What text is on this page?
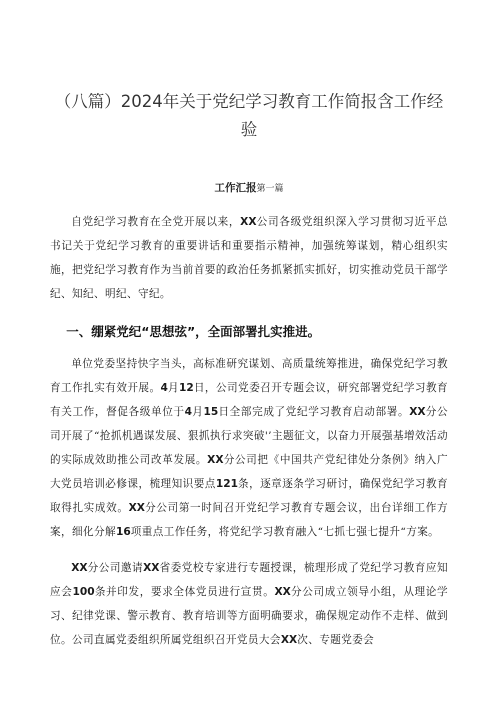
（八篇）2024年关于党纪学习教育工作简报含工作经验
工作汇报第一篇

自党纪学习教育在全党开展以来，XX公司各级党组织深入学习贯彻习近平总书记关于党纪学习教育的重要讲话和重要指示精神，加强统筹谋划，精心组织实施，把党纪学习教育作为当前首要的政治任务抓紧抓实抓好，切实推动党员干部学纪、知纪、明纪、守纪。

一、绷紧党纪“思想弦”，全面部署扎实推进。

单位党委坚持快字当头，高标准研究谋划、高质量统筹推进，确保党纪学习教育工作扎实有效开展。4月12日，公司党委召开专题会议，研究部署党纪学习教育有关工作，督促各级单位于4月15日全部完成了党纪学习教育启动部署。XX分公司开展了“抢抓机遇谋发展、狠抓执行求突破'’主题征文，以奋力开展强基增效活动的实际成效助推公司改革发展。XX分公司把《中国共产党纪律处分条例》纳入广大党员培训必修课，梳理知识要点121条，逐章逐条学习研讨，确保党纪学习教育取得扎实成效。XX分公司第一时间召开党纪学习教育专题会议，出台详细工作方案，细化分解16项重点工作任务，将党纪学习教育融入“七抓七强七提升“方案。

XX分公司邀请XX省委党校专家进行专题授课，梳理形成了党纪学习教育应知应会100条并印发，要求全体党员进行宣贯。XX分公司成立领导小组，从理论学习、纪律党课、警示教育、教育培训等方面明确要求，确保规定动作不走样、做到位。公司直属党委组织所属党组织召开党员大会XX次、专题党委会
